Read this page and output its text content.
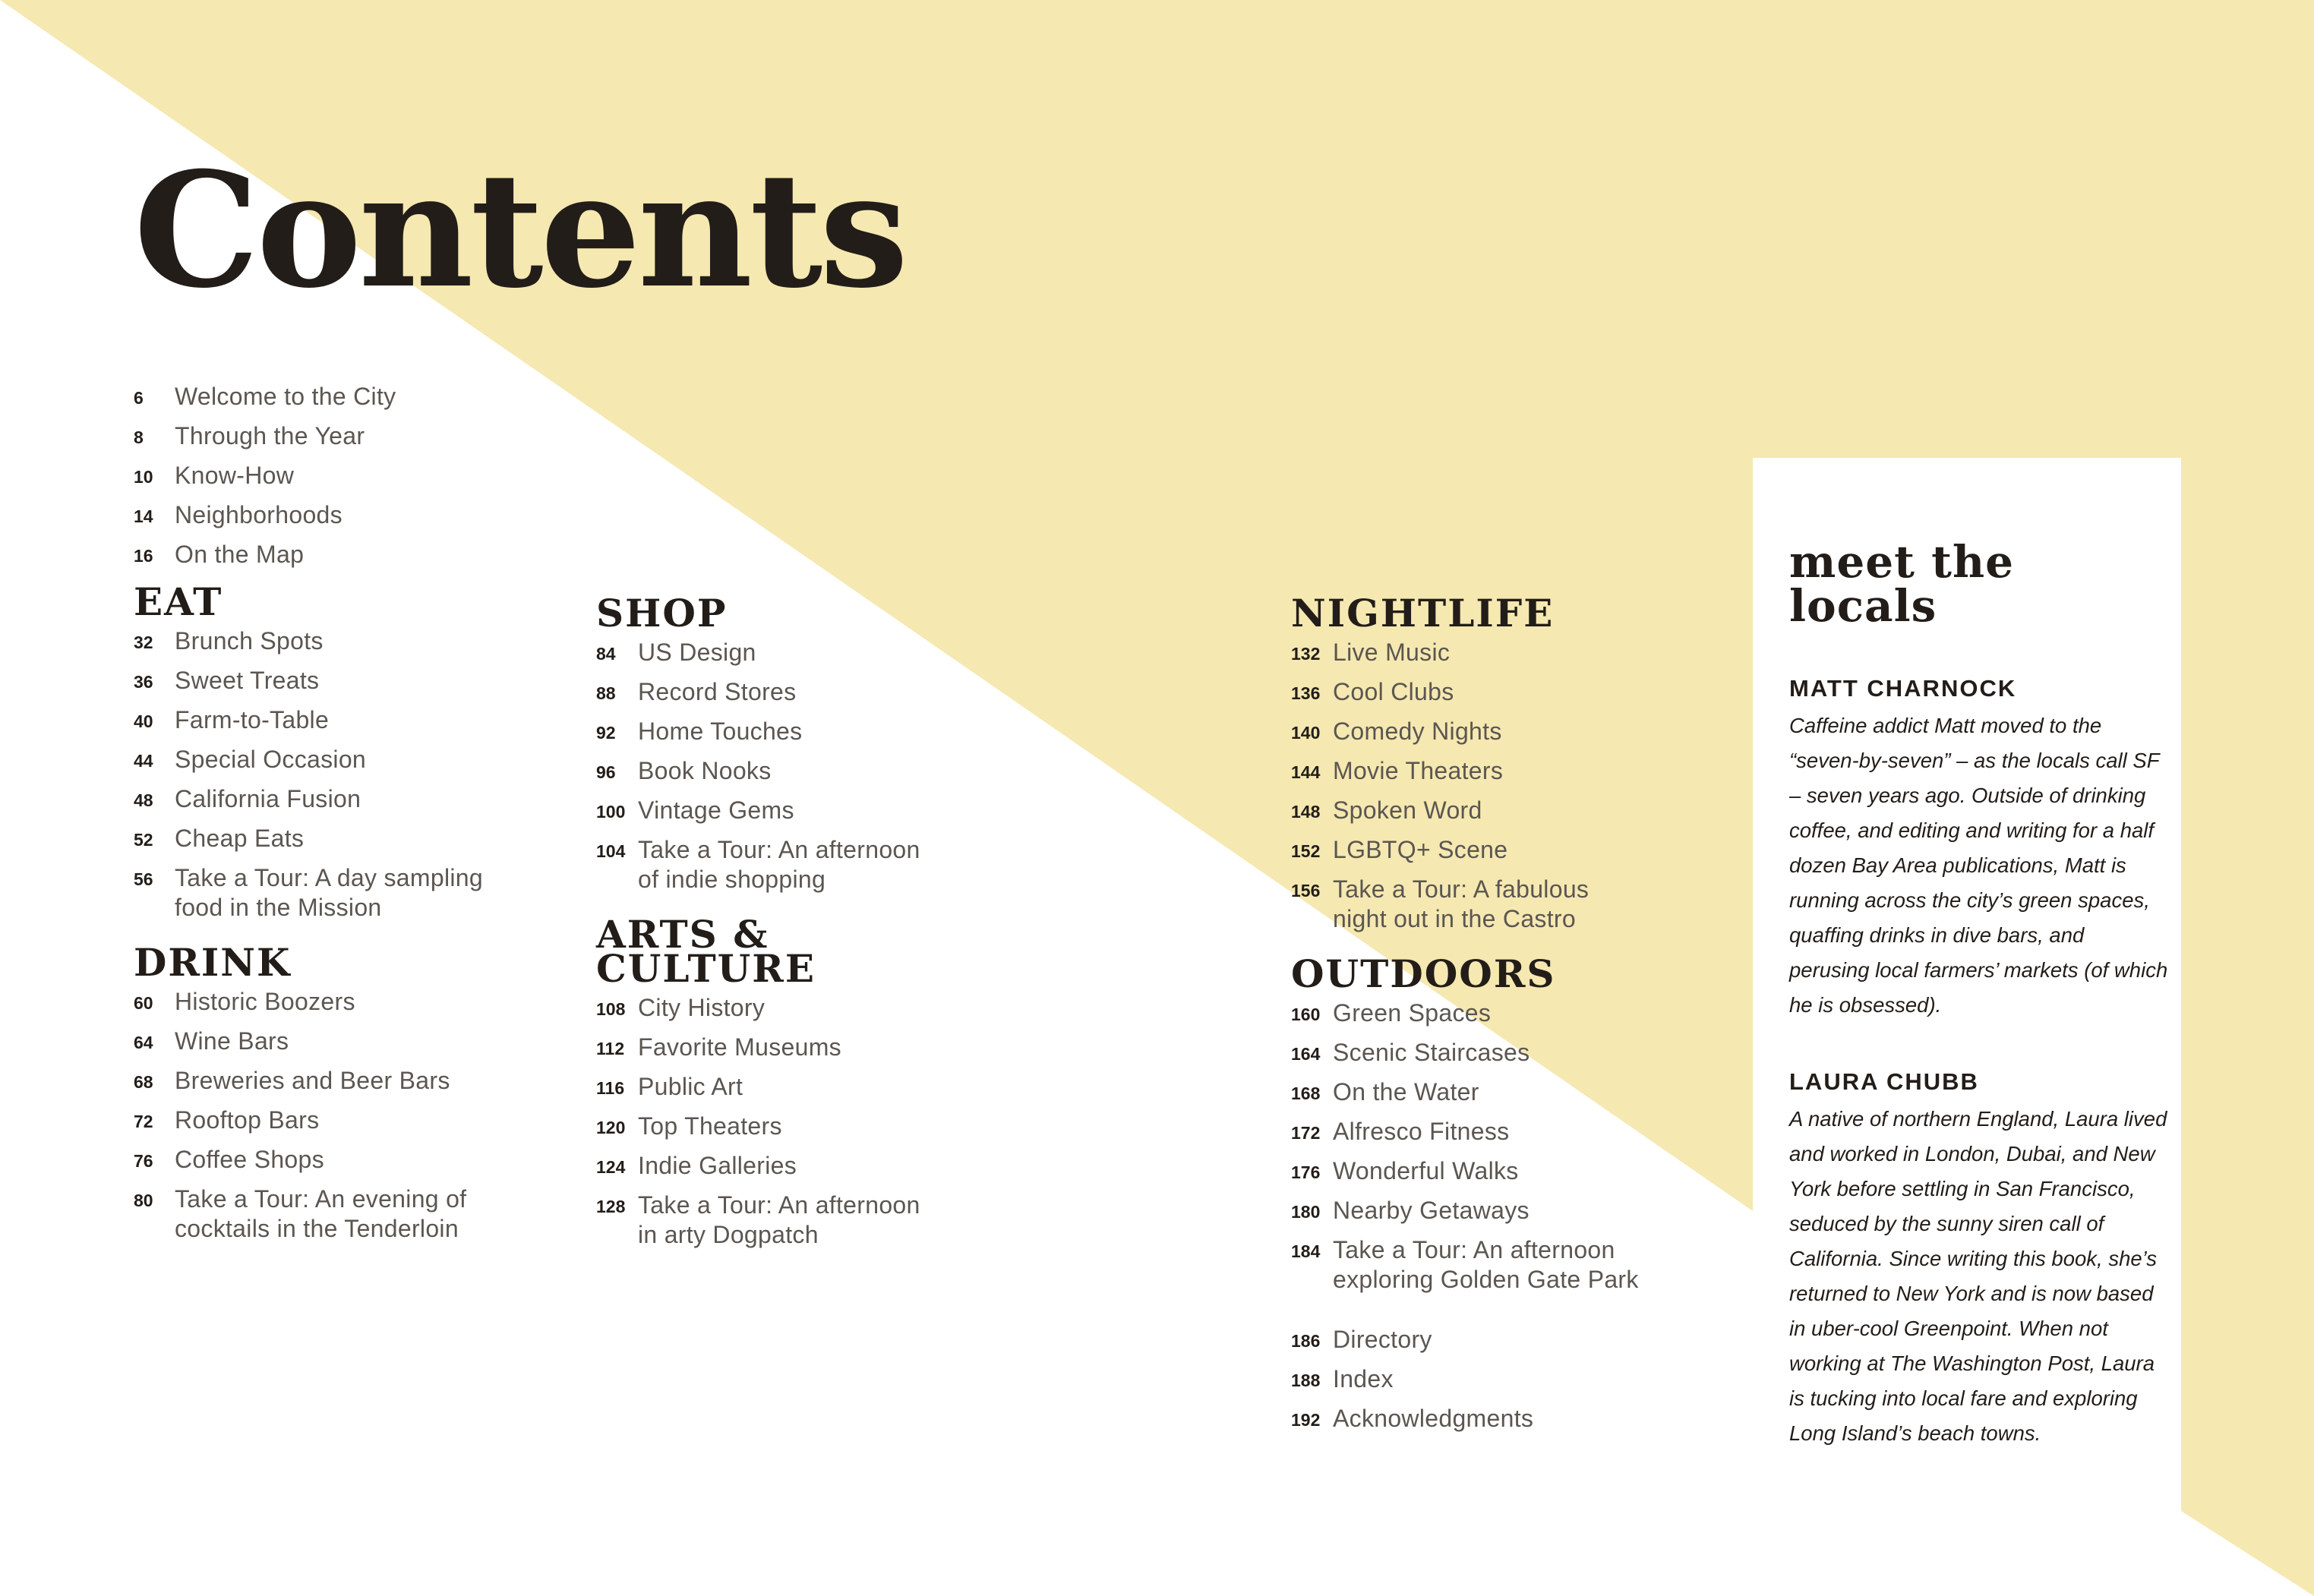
Contents
6	Welcome to the City
8	Through the Year
10 Know-How
14 Neighborhoods
16 On the Map
EAT
32 Brunch Spots
36 Sweet Treats
40 Farm-to-Table
44 Special Occasion
48 California Fusion
52 Cheap Eats
56 Take a Tour: A day sampling
food in the Mission
DRINK
60 Historic Boozers
64 Wine Bars
68 Breweries and Beer Bars
72 Rooftop Bars
76 Coffee Shops
80 Take a Tour: An evening of
cocktails in the Tenderloin
SHOP
84 US Design
88 Record Stores
92 Home Touches
96 Book Nooks
100 Vintage Gems
104 Take a Tour: An afternoon
of indie shopping
ARTS &
CULTURE
108 City History
112 Favorite Museums
116 Public Art
120 Top Theaters
124 Indie Galleries
128 Take a Tour: An afternoon
in arty Dogpatch
NIGHTLIFE
132 Live Music
136 Cool Clubs
140 Comedy Nights
144 Movie Theaters
148 Spoken Word
152 LGBTQ+ Scene
156 Take a Tour: A fabulous
night out in the Castro
OUTDOORS
160 Green Spaces
164 Scenic Staircases
168 On the Water
172 Alfresco Fitness
176 Wonderful Walks
180 Nearby Getaways
184 Take a Tour: An afternoon
exploring Golden Gate Park
186 Directory
188 Index
192 Acknowledgments
meet the
locals
MATT CHARNOCK
Caffeine addict Matt moved to the “seven-by-seven” – as the locals call SF – seven years ago. Outside of drinking coffee, and editing and writing for a half dozen Bay Area publications, Matt is running across the city’s green spaces, quaffing drinks in dive bars, and perusing local farmers’ markets (of which he is obsessed).
LAURA CHUBB
A native of northern England, Laura lived and worked in London, Dubai, and New York before settling in San Francisco, seduced by the sunny siren call of California. Since writing this book, she’s returned to New York and is now based in uber-cool Greenpoint. When not working at The Washington Post, Laura is tucking into local fare and exploring Long Island’s beach towns.
